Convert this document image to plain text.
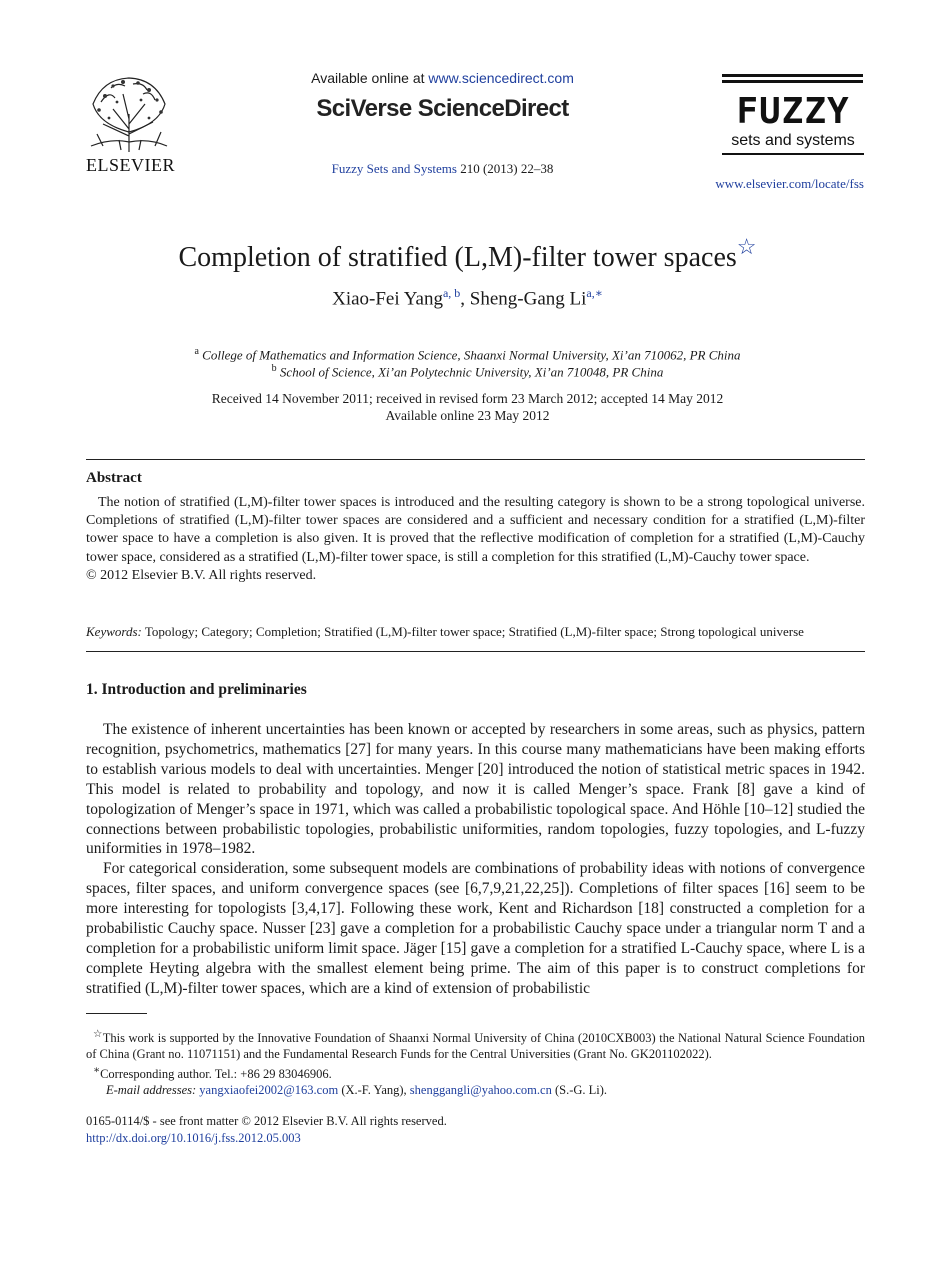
ELSEVIER
Available online at www.sciencedirect.com
SciVerse ScienceDirect
Fuzzy Sets and Systems 210 (2013) 22–38
FUZZY
sets and systems
www.elsevier.com/locate/fss
Completion of stratified (L,M)-filter tower spaces☆
Xiao-Fei Yang$^{a, b}$, Sheng-Gang $Li^{a,∗}$
$^a$ College of Mathematics and Information Science, Shaanxi Normal University, Xi’an 710062, PR China
$^b$ School of Science, Xi’an Polytechnic University, Xi’an 710048, PR China
Received 14 November 2011; received in revised form 23 March 2012; accepted 14 May 2012
Available online 23 May 2012
Abstract

The notion of stratified (L,M)-filter tower spaces is introduced and the resulting category is shown to be a strong topological universe. Completions of stratified (L,M)-filter tower spaces are considered and a sufficient and necessary condition for a stratified (L,M)-filter tower space to have a completion is also given. It is proved that the reflective modification of completion for a stratified (L,M)-Cauchy tower space, considered as a stratified (L,M)-filter tower space, is still a completion for this stratified (L,M)-Cauchy tower space.

© 2012 Elsevier B.V. All rights reserved.

Keywords: Topology; Category; Completion; Stratified (L,M)-filter tower space; Stratified (L,M)-filter space; Strong topological universe
1. Introduction and preliminaries

The existence of inherent uncertainties has been known or accepted by researchers in some areas, such as physics, pattern recognition, psychometrics, mathematics [27] for many years. In this course many mathematicians have been making efforts to establish various models to deal with uncertainties. Menger [20] introduced the notion of statistical metric spaces in 1942. This model is related to probability and topology, and now it is called Menger’s space. Frank [8] gave a kind of topologization of Menger’s space in 1971, which was called a probabilistic topological space. And Höhle [10–12] studied the connections between probabilistic topologies, probabilistic uniformities, random topologies, fuzzy topologies, and L-fuzzy uniformities in 1978–1982.

For categorical consideration, some subsequent models are combinations of probability ideas with notions of convergence spaces, filter spaces, and uniform convergence spaces (see [6,7,9,21,22,25]). Completions of filter spaces [16] seem to be more interesting for topologists [3,4,17]. Following these work, Kent and Richardson [18] constructed a completion for a probabilistic Cauchy space. Nusser [23] gave a completion for a probabilistic Cauchy space under a triangular norm T and a completion for a probabilistic uniform limit space. Jäger [15] gave a completion for a stratified L-Cauchy space, where L is a complete Heyting algebra with the smallest element being prime. The aim of this paper is to construct completions for stratified (L,M)-filter tower spaces, which are a kind of extension of probabilistic

☆This work is supported by the Innovative Foundation of Shaanxi Normal University of China (2010CXB003) the National Natural Science Foundation of China (Grant no. 11071151) and the Fundamental Research Funds for the Central Universities (Grant No. GK201102022).

∗Corresponding author. Tel.: +86 29 83046906.

E-mail addresses: yangxiaofei2002@163.com (X.-F. Yang), shenggangli@yahoo.com.cn (S.-G. Li).

0165-0114/$ - see front matter © 2012 Elsevier B.V. All rights reserved.
http://dx.doi.org/10.1016/j.fss.2012.05.003
